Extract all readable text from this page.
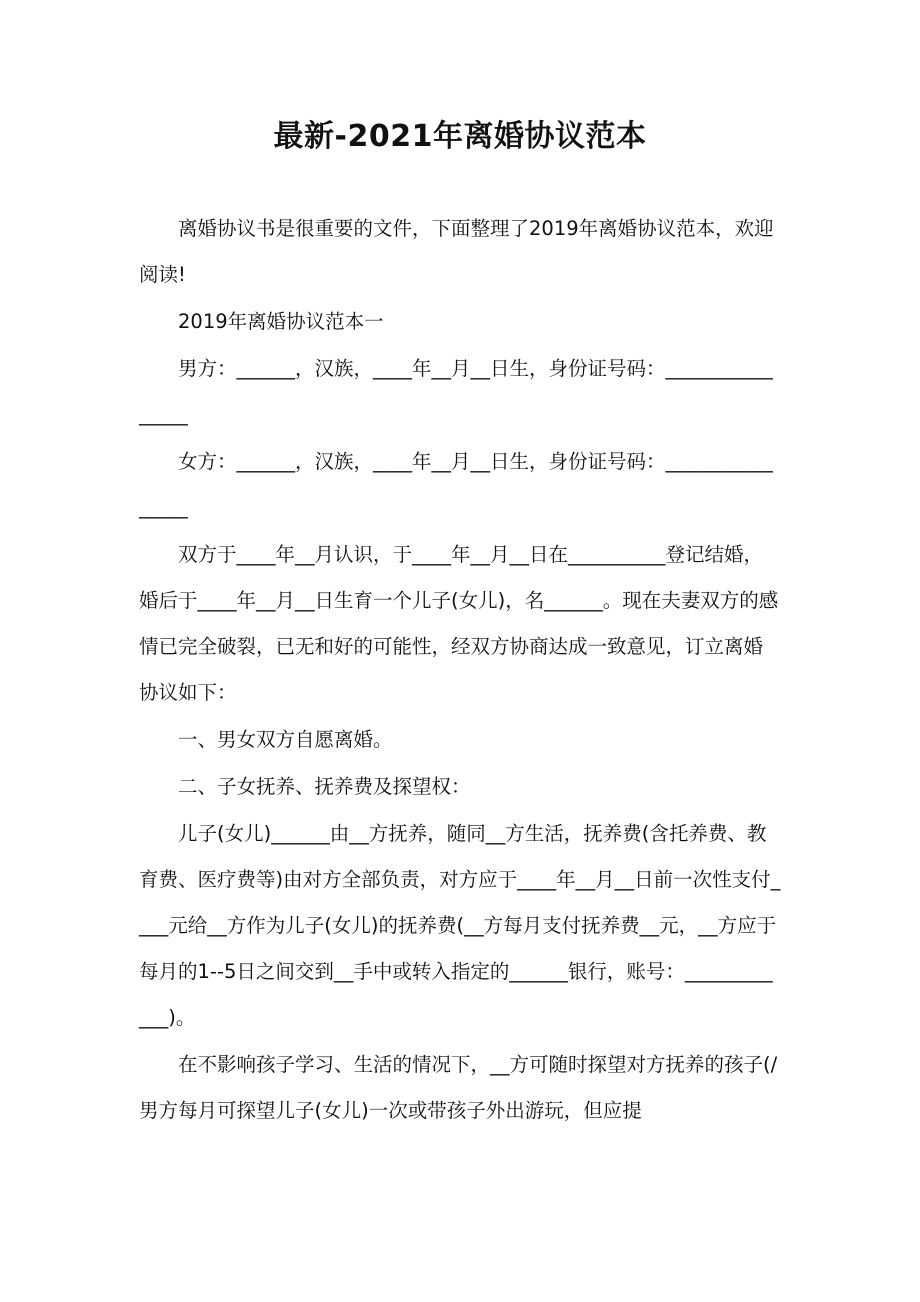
最新-2021年离婚协议范本

离婚协议书是很重要的文件，下面整理了2019年离婚协议范本，欢迎阅读!

2019年离婚协议范本一

男方：______，汉族，____年__月__日生，身份证号码：________________

女方：______，汉族，____年__月__日生，身份证号码：________________

双方于____年__月认识，于____年__月__日在__________登记结婚，婚后于____年__月__日生育一个儿子(女儿)，名______。现在夫妻双方的感情已完全破裂，已无和好的可能性，经双方协商达成一致意见，订立离婚协议如下：

一、男女双方自愿离婚。

二、子女抚养、抚养费及探望权：

儿子(女儿)______由__方抚养，随同__方生活，抚养费(含托养费、教育费、医疗费等)由对方全部负责，对方应于____年__月__日前一次性支付____元给__方作为儿子(女儿)的抚养费(__方每月支付抚养费__元，__方应于每月的1--5日之间交到__手中或转入指定的______银行，账号：____________)。

在不影响孩子学习、生活的情况下，__方可随时探望对方抚养的孩子(/男方每月可探望儿子(女儿)一次或带孩子外出游玩，但应提
